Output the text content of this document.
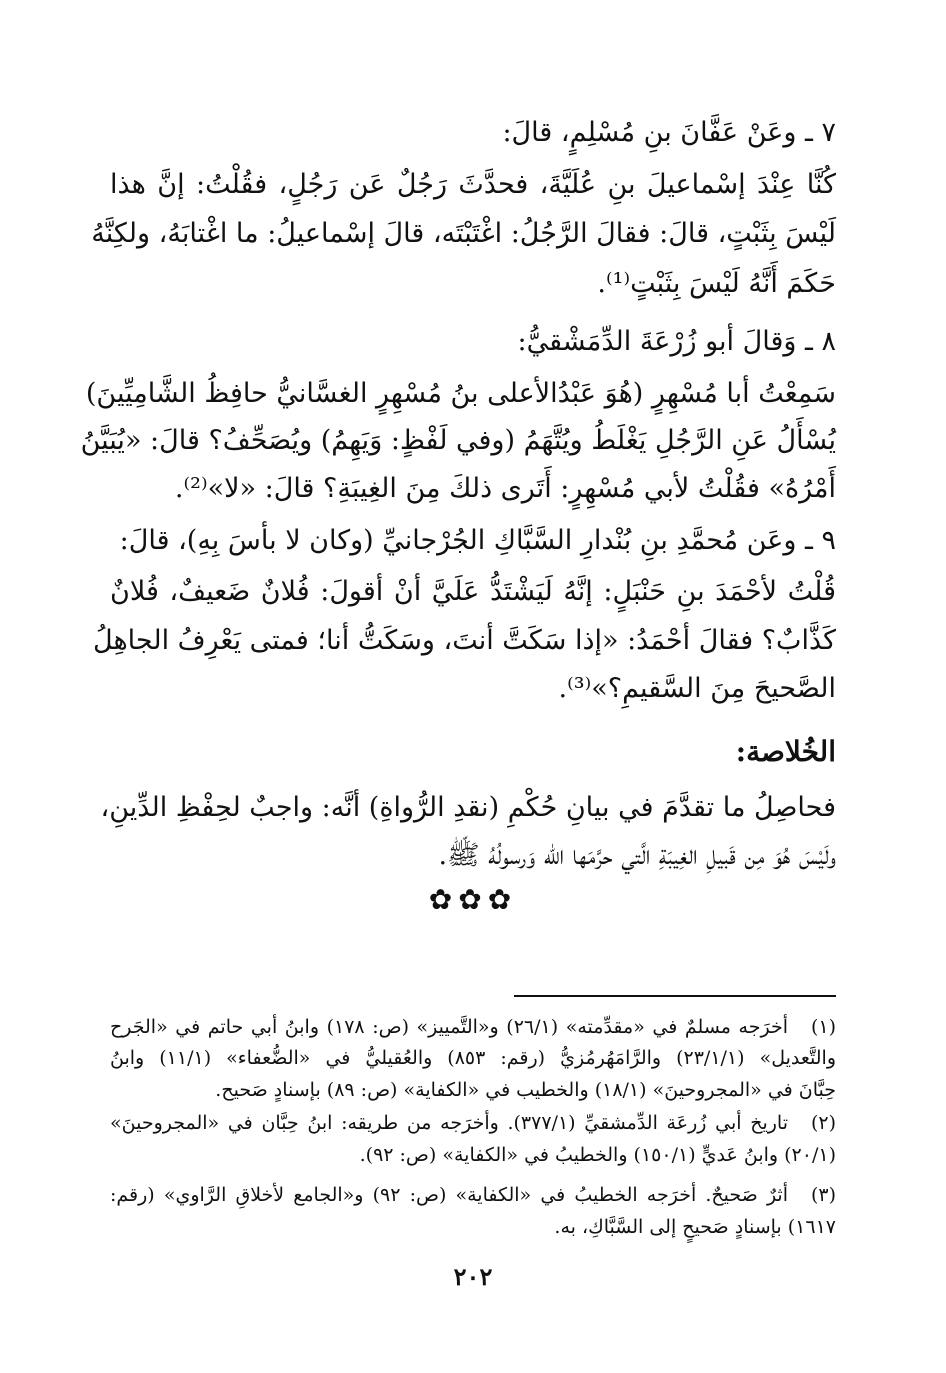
٧ ـ وعَنْ عَفَّانَ بنِ مُسْلِمٍ، قالَ:
كُنَّا عِنْدَ إسْماعيلَ بنِ عُلَيَّةَ، فحدَّثَ رَجُلٌ عَن رَجُلٍ، فقُلْتُ: إنَّ هذا
لَيْسَ بِثَبْتٍ، قالَ: فقالَ الرَّجُلُ: اغْتَبْتَه، قالَ إسْماعيلُ: ما اغْتابَهُ، ولكِنَّهُ
حَكَمَ أَنَّهُ لَيْسَ بِثَبْتٍ⁽¹⁾.
٨ ـ وَقالَ أبو زُرْعَةَ الدِّمَشْقيُّ:
سَمِعْتُ أبا مُسْهِرٍ (هُوَ عَبْدُالأعلى بنُ مُسْهِرٍ الغسَّانيُّ حافِظُ الشَّامِيِّينَ)
يُسْأَلُ عَنِ الرَّجُلِ يَغْلَطُ ويُتَّهَمُ (وفي لَفْظٍ: وَيَهِمُ) ويُصَحِّفُ؟ قالَ: «يُبَيَّنُ
أَمْرُهُ» فقُلْتُ لأبي مُسْهِرٍ: أَتَرى ذلكَ مِنَ الغِيبَةِ؟ قالَ: «لا»⁽²⁾.
٩ ـ وعَن مُحمَّدِ بنِ بُنْدارِ السَّبَّاكِ الجُرْجانيِّ (وكان لا بأسَ بِهِ)، قالَ:
قُلْتُ لأحْمَدَ بنِ حَنْبَلٍ: إنَّهُ لَيَشْتَدُّ عَلَيَّ أنْ أقولَ: فُلانٌ ضَعيفٌ، فُلانٌ
كَذَّابٌ؟ فقالَ أحْمَدُ: «إذا سَكَتَّ أنتَ، وسَكَتُّ أنا؛ فمتى يَعْرِفُ الجاهِلُ
الصَّحيحَ مِنَ السَّقيمِ؟»⁽³⁾.
الخُلاصة:
فحاصِلُ ما تقدَّمَ في بيانِ حُكْمِ (نقدِ الرُّواةِ) أنَّه: واجبٌ لحِفْظِ الدِّينِ،
ولَيْسَ هُوَ مِن قَبيلِ الغِيبَةِ الَّتي حرَّمَها الله وَرسولُهُ ﷺ.
✿✿✿
(١)
أخرَجه مسلمٌ في «مقدِّمته» (٢٦/١) و«التَّمييز» (ص: ١٧٨) وابنُ أبي حاتم في «الجَرح
والتَّعديل» (٢٣/١/١) والرَّامَهُرمُزيُّ (رقم: ٨٥٣) والعُقيليُّ في «الضُّعفاء» (١١/١) وابنُ
حِبَّانَ في «المجروحينَ» (١٨/١) والخطيب في «الكفاية» (ص: ٨٩) بإسنادٍ صَحيح.
(٢)
تاريخ أبي زُرعَة الدِّمشقيِّ (٣٧٧/١). وأخرَجه من طريقه: ابنُ حِبَّان في «المجروحينَ»
(٢٠/١) وابنُ عَديٍّ (١٥٠/١) والخطيبُ في «الكفاية» (ص: ٩٢).
(٣)
أثرٌ صَحيحٌ. أخرَجه الخطيبُ في «الكفاية» (ص: ٩٢) و«الجامع لأخلاقِ الرَّاوي» (رقم:
١٦١٧) بإسنادٍ صَحيحٍ إلى السَّبَّاكِ، به.
٢٠٢
